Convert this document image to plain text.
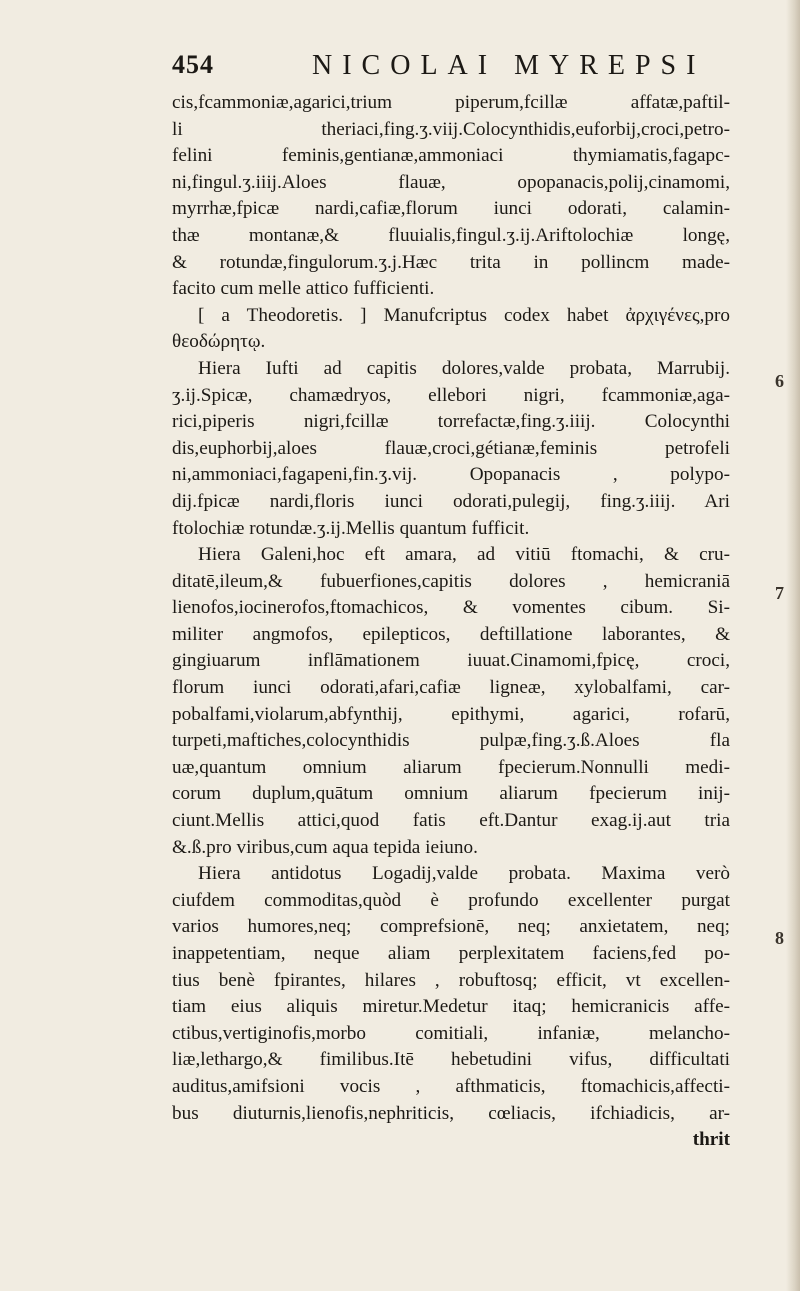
454	NICOLAI MYREPSI
cis,fcammoniæ,agarici,trium piperum,fcillæ affatæ,paftil-
li theriaci,fing.ʒ.viij.Colocynthidis,euforbij,croci,petro-
felini feminis,gentianæ,ammoniaci thymiamatis,fagapc-
ni,fingul.ʒ.iiij.Aloes flauæ, opopanacis,polij,cinamomi,
myrrhæ,fpicæ nardi,cafiæ,florum iunci odorati, calamin-
thæ montanæ,& fluuialis,fingul.ʒ.ij.Ariftolochiæ longę,
& rotundæ,fingulorum.ʒ.j.Hæc trita in pollincm made-
facito cum melle attico fufficienti.
[ a Theodoretis. ] Manufcriptus codex habet ἀρχιγένες,pro
θεοδώρητῳ.
Hiera Iufti ad capitis dolores,valde probata, Marrubij.
ʒ.ij.Spicæ, chamædryos, ellebori nigri, fcammoniæ,aga-
rici,piperis nigri,fcillæ torrefactæ,fing.ʒ.iiij. Colocynthi
dis,euphorbij,aloes flauæ,croci,gétianæ,feminis petrofeli
ni,ammoniaci,fagapeni,fin.ʒ.vij. Opopanacis , polypo-
dij.fpicæ nardi,floris iunci odorati,pulegij, fing.ʒ.iiij. Ari
ftolochiæ rotundæ.ʒ.ij.Mellis quantum fufficit.
Hiera Galeni,hoc eft amara, ad vitiū ftomachi, & cru-
ditatē,ileum,& fubuerfiones,capitis dolores , hemicraniā
lienofos,iocinerofos,ftomachicos, & vomentes cibum. Si-
militer angmofos, epilepticos, deftillatione laborantes, &
gingiuarum inflāmationem iuuat.Cinamomi,fpicę, croci,
florum iunci odorati,afari,cafiæ ligneæ, xylobalfami, car-
pobalfami,violarum,abfynthij, epithymi, agarici, rofarū,
turpeti,maftiches,colocynthidis pulpæ,fing.ʒ.ß.Aloes fla
uæ,quantum omnium aliarum fpecierum.Nonnulli medi-
corum duplum,quātum omnium aliarum fpecierum inij-
ciunt.Mellis attici,quod fatis eft.Dantur exag.ij.aut tria
&.ß.pro viribus,cum aqua tepida ieiuno.
Hiera antidotus Logadij,valde probata. Maxima verò
ciufdem commoditas,quòd è profundo excellenter purgat
varios humores,neq; comprefsionē, neq; anxietatem, neq;
inappetentiam, neque aliam perplexitatem faciens,fed po-
tius benè fpirantes, hilares , robuftosq; efficit, vt excellen-
tiam eius aliquis miretur.Medetur itaq; hemicranicis affe-
ctibus,vertiginofis,morbo comitiali, infaniæ, melancho-
liæ,lethargo,& fimilibus.Itē hebetudini vifus, difficultati
auditus,amifsioni vocis , afthmaticis, ftomachicis,affecti-
bus diuturnis,lienofis,nephriticis, cœliacis, ifchiadicis, ar-
thrit
6
7
8
